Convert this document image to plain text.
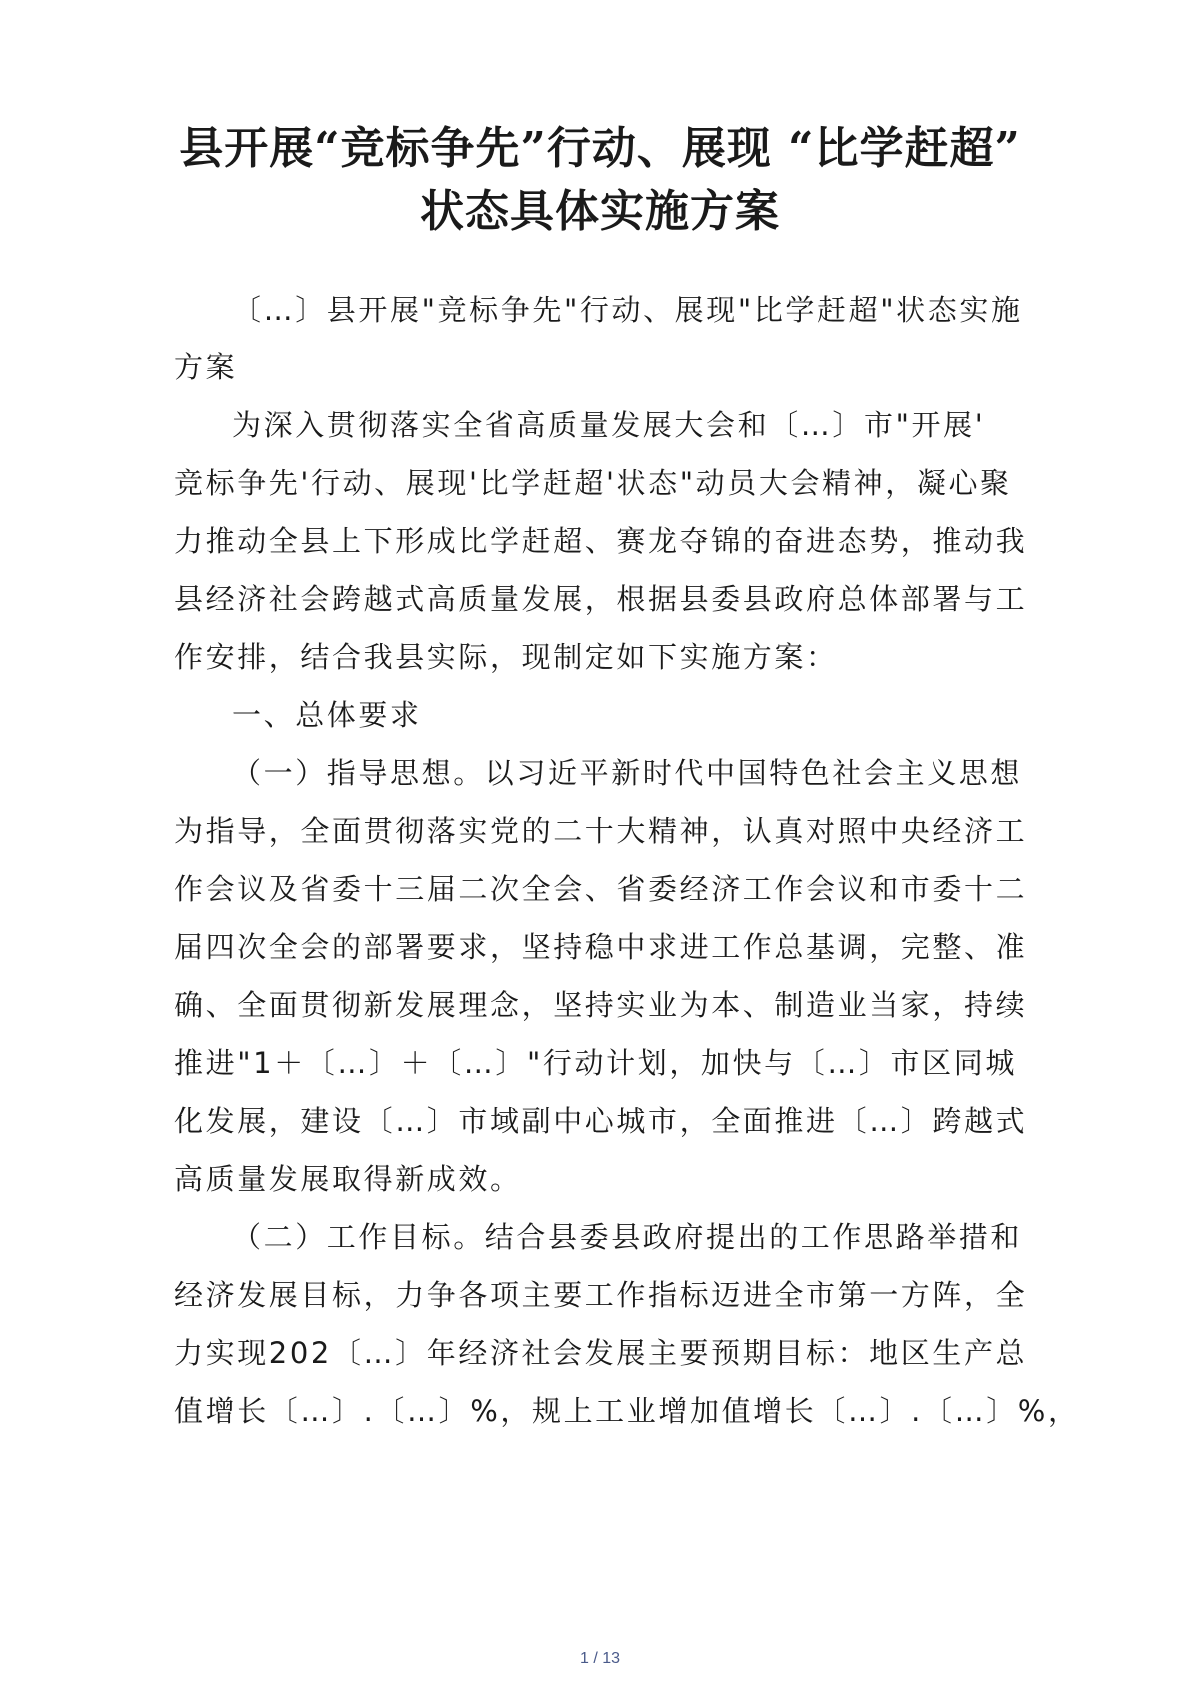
县开展“竞标争先”行动、展现 “比学赶超”
状态具体实施方案
〔…〕县开展"竞标争先"行动、展现"比学赶超"状态实施
方案
为深入贯彻落实全省高质量发展大会和〔…〕市"开展'
竞标争先'行动、展现'比学赶超'状态"动员大会精神，凝心聚
力推动全县上下形成比学赶超、赛龙夺锦的奋进态势，推动我
县经济社会跨越式高质量发展，根据县委县政府总体部署与工
作安排，结合我县实际，现制定如下实施方案：
一、总体要求
（一）指导思想。以习近平新时代中国特色社会主义思想
为指导，全面贯彻落实党的二十大精神，认真对照中央经济工
作会议及省委十三届二次全会、省委经济工作会议和市委十二
届四次全会的部署要求，坚持稳中求进工作总基调，完整、准
确、全面贯彻新发展理念，坚持实业为本、制造业当家，持续
推进"1＋〔…〕＋〔…〕"行动计划，加快与〔…〕市区同城
化发展，建设〔…〕市域副中心城市，全面推进〔…〕跨越式
高质量发展取得新成效。
（二）工作目标。结合县委县政府提出的工作思路举措和
经济发展目标，力争各项主要工作指标迈进全市第一方阵，全
力实现202〔…〕年经济社会发展主要预期目标：地区生产总
值增长〔…〕.〔…〕%，规上工业增加值增长〔…〕.〔…〕%，
1 / 13
